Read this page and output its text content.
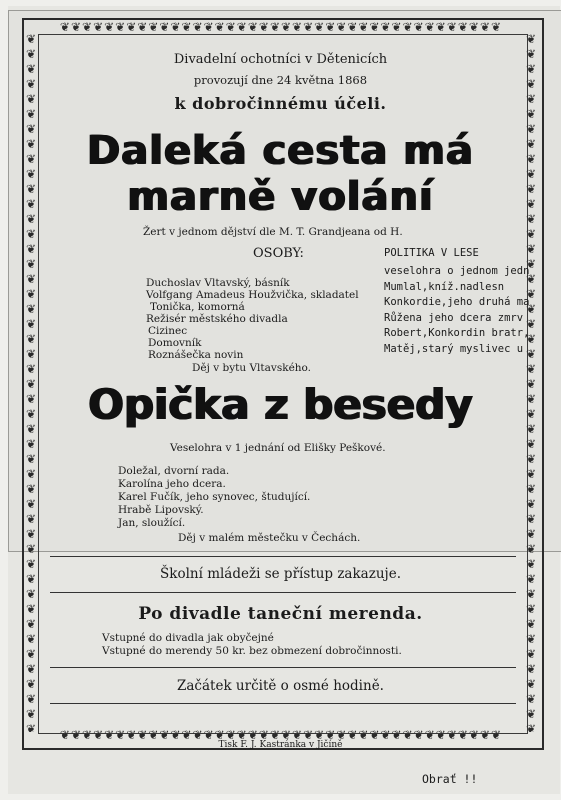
❦❦❦❦❦❦❦❦❦❦❦❦❦❦❦❦❦❦❦❦❦❦❦❦❦❦❦❦❦❦❦❦❦❦❦❦❦❦❦❦
❦❦❦❦❦❦❦❦❦❦❦❦❦❦❦❦❦❦❦❦❦❦❦❦❦❦❦❦❦❦❦❦❦❦❦❦❦❦❦❦
❦❦❦❦❦❦❦❦❦❦❦❦❦❦❦❦❦❦❦❦❦❦❦❦❦❦❦❦❦❦❦❦❦❦❦❦❦❦❦❦❦❦❦❦❦❦❦
❦❦❦❦❦❦❦❦❦❦❦❦❦❦❦❦❦❦❦❦❦❦❦❦❦❦❦❦❦❦❦❦❦❦❦❦❦❦❦❦❦❦❦❦❦❦❦
Divadelní ochotníci v Dětenicích
provozují dne 24 května 1868
k dobročinnému účeli.
Daleká cesta má
marně volání
Žert v jednom dějství dle M. T. Grandjeana od H.
OSOBY:
Duchoslav Vltavský, básník
Volfgang Amadeus Houžvička, skladatel
Tonička, komorná
Režisér městského divadla
Cizinec
Domovník
Roznášečka novin
Děj v bytu Vltavského.
POLITIKA V LESE
veselohra o jednom jedn
Mumlal,kníž.nadlesn
Konkordie,jeho druhá ma
Růžena jeho dcera zmrv
Robert,Konkordin bratr,
Matěj,starý myslivec u
Opička z besedy
Veselohra v 1 jednání od Elišky Peškové.
Doležal, dvorní rada.
Karolína jeho dcera.
Karel Fučík, jeho synovec, študující.
Hrabě Lipovský.
Jan, sloužící.
Děj v malém městečku v Čechách.
Školní mládeži se přístup zakazuje.
Po divadle taneční merenda.
Vstupné do divadla jak obyčejné
Vstupné do merendy 50 kr. bez obmezení dobročinnosti.
Začátek určitě o osmé hodině.
Tisk F. J. Kastránka v Jičíně
Obrať !!
